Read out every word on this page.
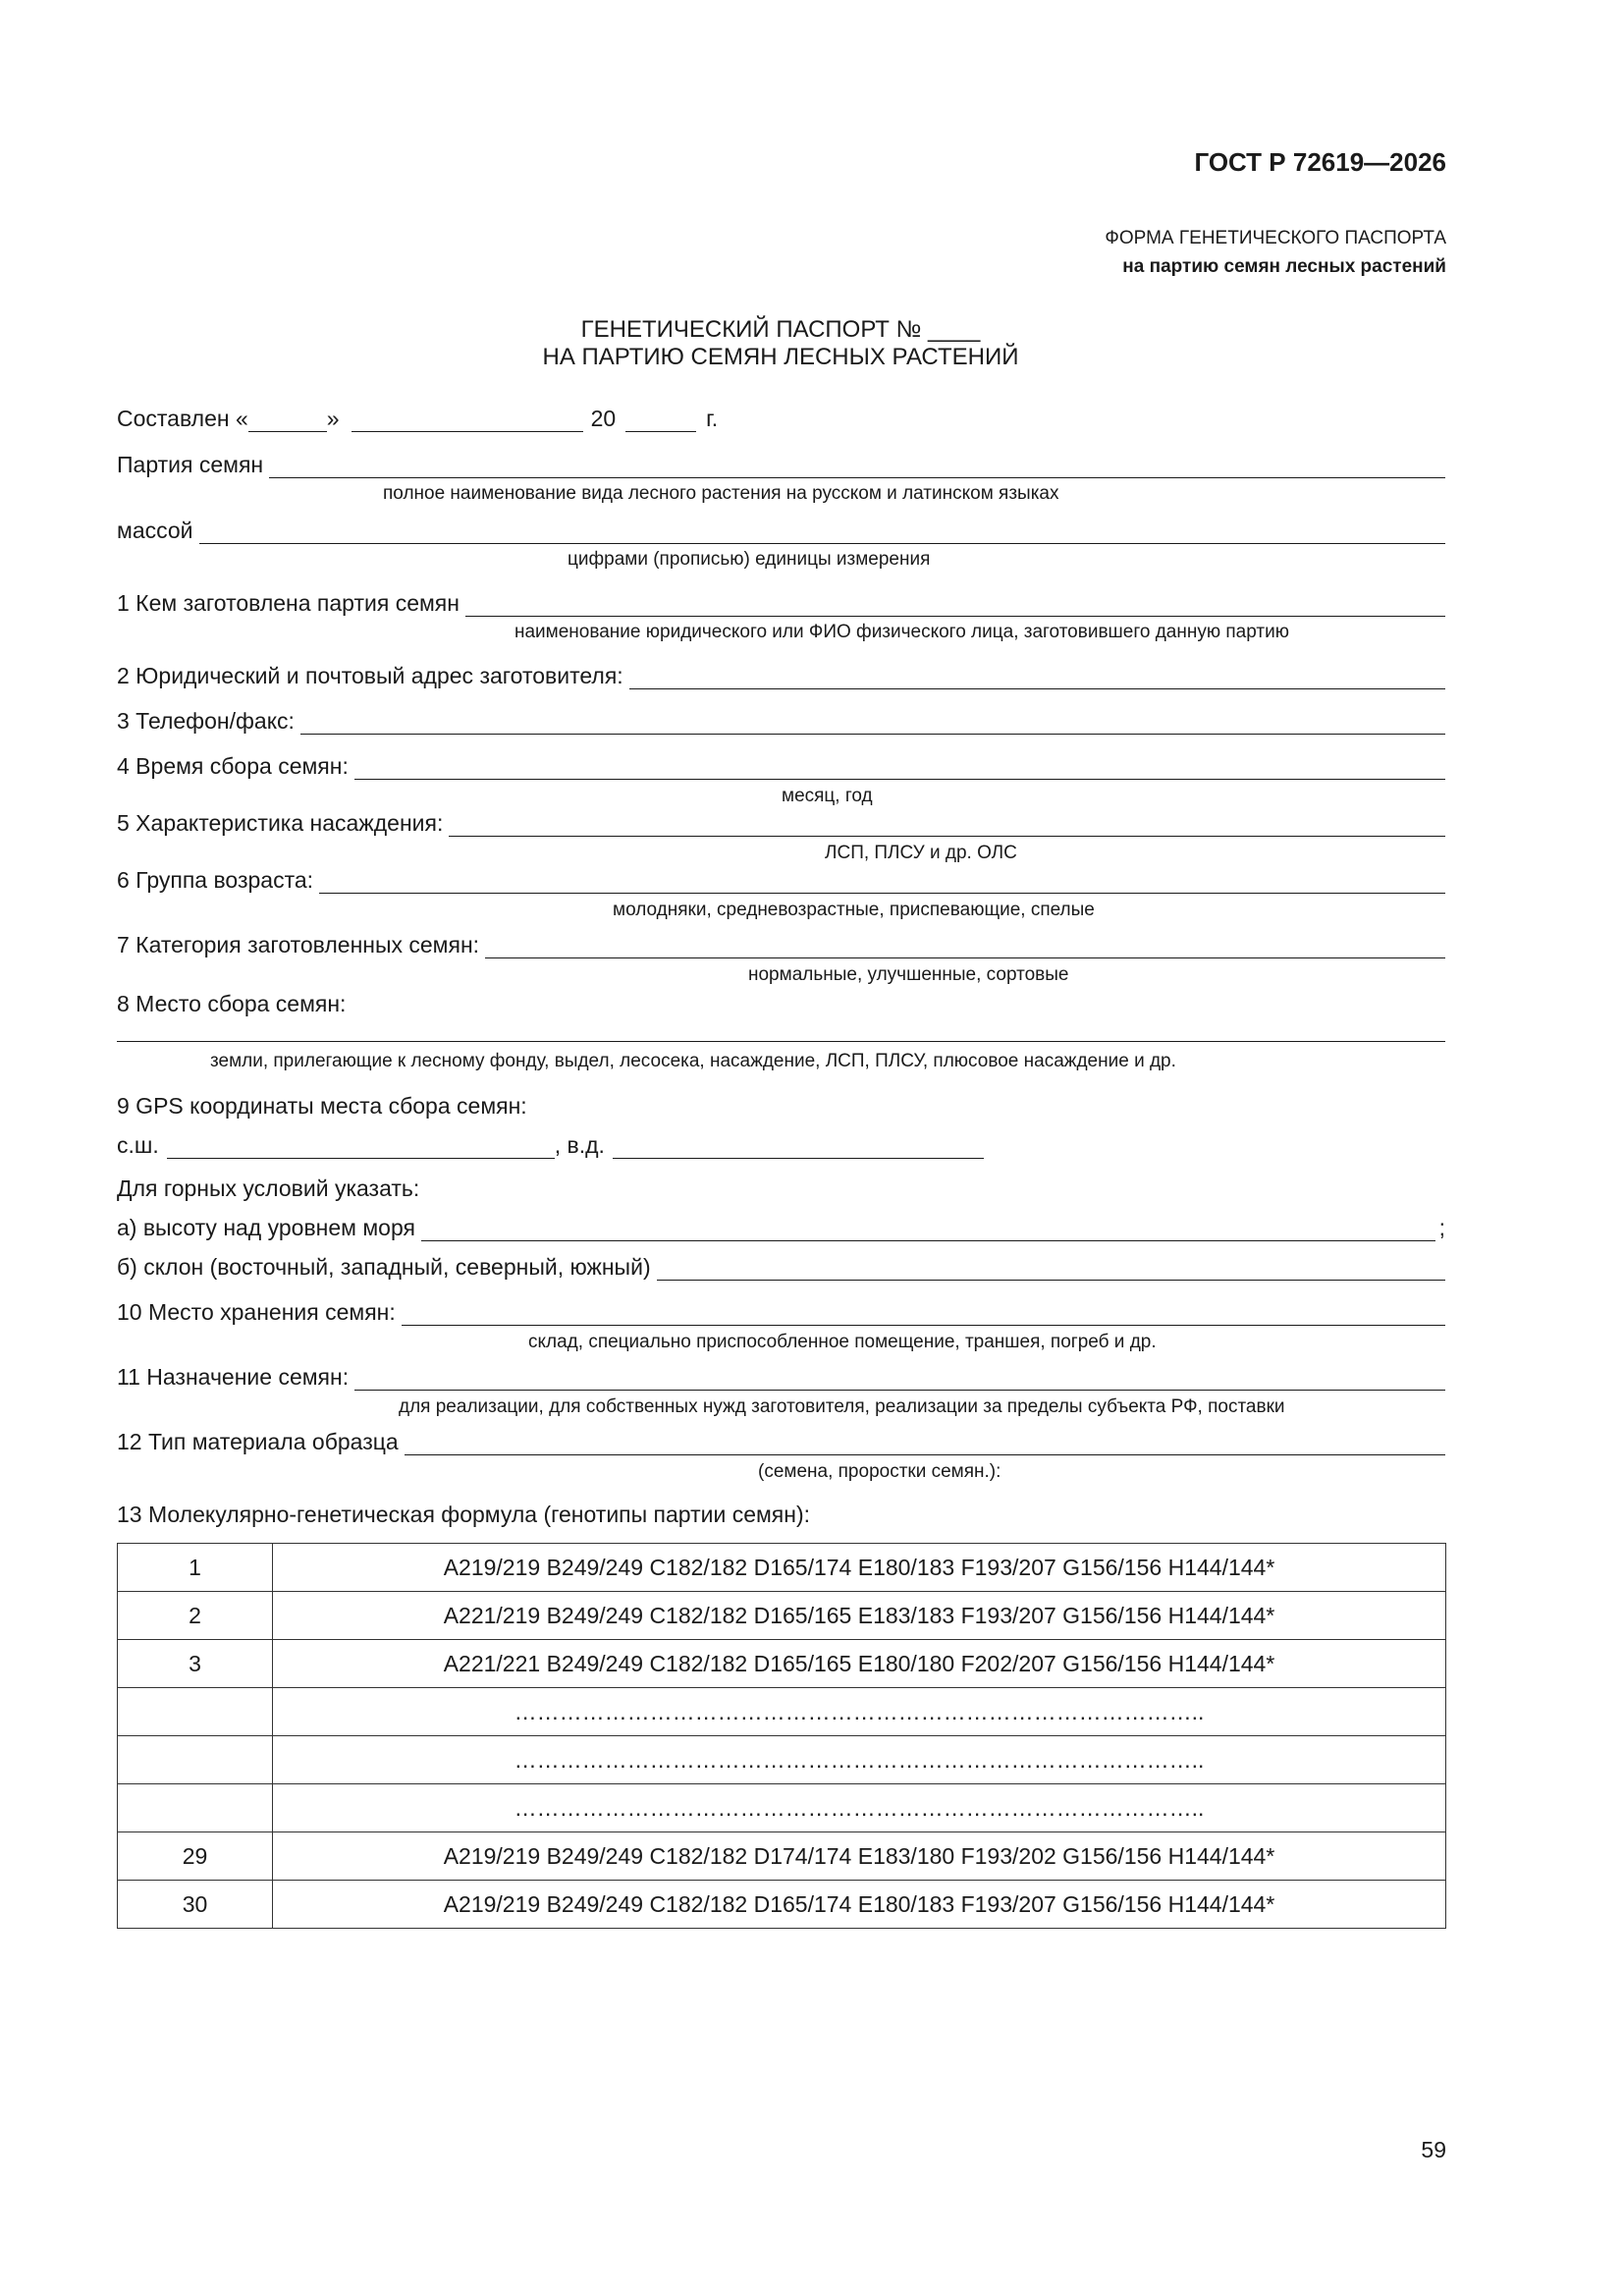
ГОСТ Р 72619—2026
ФОРМА ГЕНЕТИЧЕСКОГО ПАСПОРТА
на партию семян лесных растений
ГЕНЕТИЧЕСКИЙ ПАСПОРТ № ____
НА ПАРТИЮ СЕМЯН ЛЕСНЫХ РАСТЕНИЙ
Составлен «	»	20	г.
Партия семян
полное наименование вида лесного растения на русском и латинском языках
массой
цифрами (прописью) единицы измерения
1 Кем заготовлена партия семян
наименование юридического или ФИО физического лица, заготовившего данную партию
2 Юридический и почтовый адрес заготовителя:
3 Телефон/факс:
4 Время сбора семян:
месяц, год
5 Характеристика насаждения:
ЛСП, ПЛСУ и др. ОЛС
6 Группа возраста:
молодняки, средневозрастные, приспевающие, спелые
7 Категория заготовленных семян:
нормальные, улучшенные, сортовые
8 Место сбора семян:
земли, прилегающие к лесному фонду, выдел, лесосека, насаждение, ЛСП, ПЛСУ, плюсовое насаждение и др.
9 GPS координаты места сбора семян:
с.ш.	, в.д.
Для горных условий указать:
а) высоту над уровнем моря	;
б) склон (восточный, западный, северный, южный)
10 Место хранения семян:
склад, специально приспособленное помещение, траншея, погреб и др.
11 Назначение семян:
для реализации, для собственных нужд заготовителя, реализации за пределы субъекта РФ, поставки
12 Тип материала образца
(семена, проростки семян.):
13 Молекулярно-генетическая формула (генотипы партии семян):
1	A219/219 B249/249 C182/182 D165/174 E180/183 F193/207 G156/156 H144/144*
2	A221/219 B249/249 C182/182 D165/165 E183/183 F193/207 G156/156 H144/144*
3	A221/221 B249/249 C182/182 D165/165 E180/180 F202/207 G156/156 H144/144*
	………………………………………………………………………………..
	………………………………………………………………………………..
	………………………………………………………………………………..
29	A219/219 B249/249 C182/182 D174/174 E183/180 F193/202 G156/156 H144/144*
30	A219/219 B249/249 C182/182 D165/174 E180/183 F193/207 G156/156 H144/144*
59
